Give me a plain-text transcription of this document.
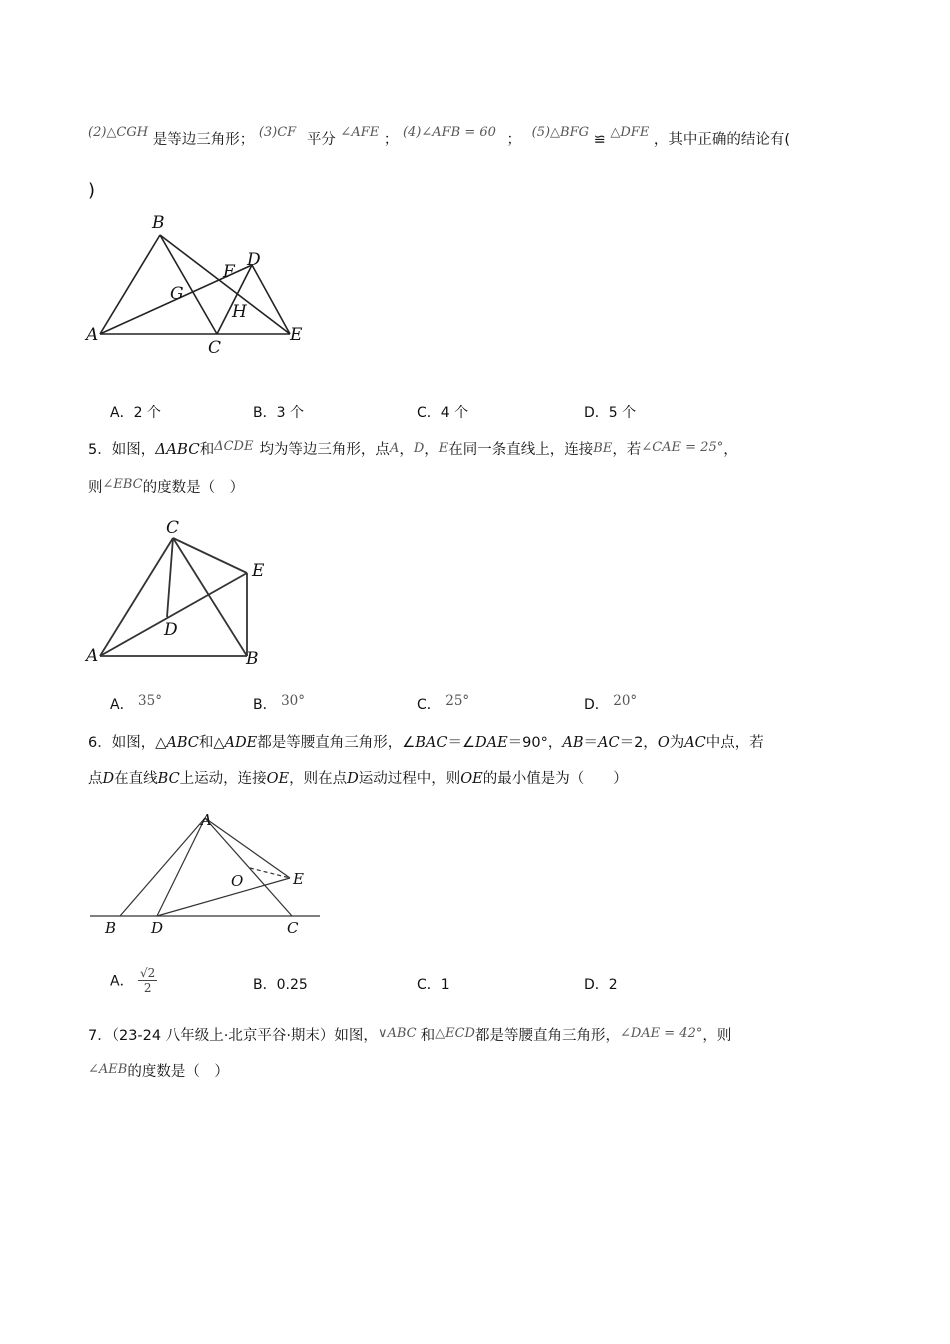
(2)△CGH 是等边三角形； (3)CF 平分 ∠AFE ； (4)∠AFB = 60 ； (5)△BFG ≌ △DFE ，其中正确的结论有(
)
A
B
C
D
E
F
G
H
A．2 个	B．3 个	C．4 个	D．5 个
5．如图，ΔABC和ΔCDE 均为等边三角形，点A，D，E在同一条直线上，连接BE，若∠CAE = 25°，
则∠EBC的度数是（　）
C
E
D
A	B
A． 35°	B． 30°	C． 25°	D． 20°
6．如图，△ABC和△ADE都是等腰直角三角形，∠BAC＝∠DAE＝90°，AB＝AC＝2，O为AC中点，若
点D在直线BC上运动，连接OE，则在点D运动过程中，则OE的最小值是为（　　）
A
O	E
B D	C
A． $\frac{√2}{2}$	B．0.25	C．1	D．2
7．（23-24 八年级上·北京平谷·期末）如图，∨ABC 和△ECD都是等腰直角三角形，∠DAE = 42°，则
∠AEB的度数是（　）
